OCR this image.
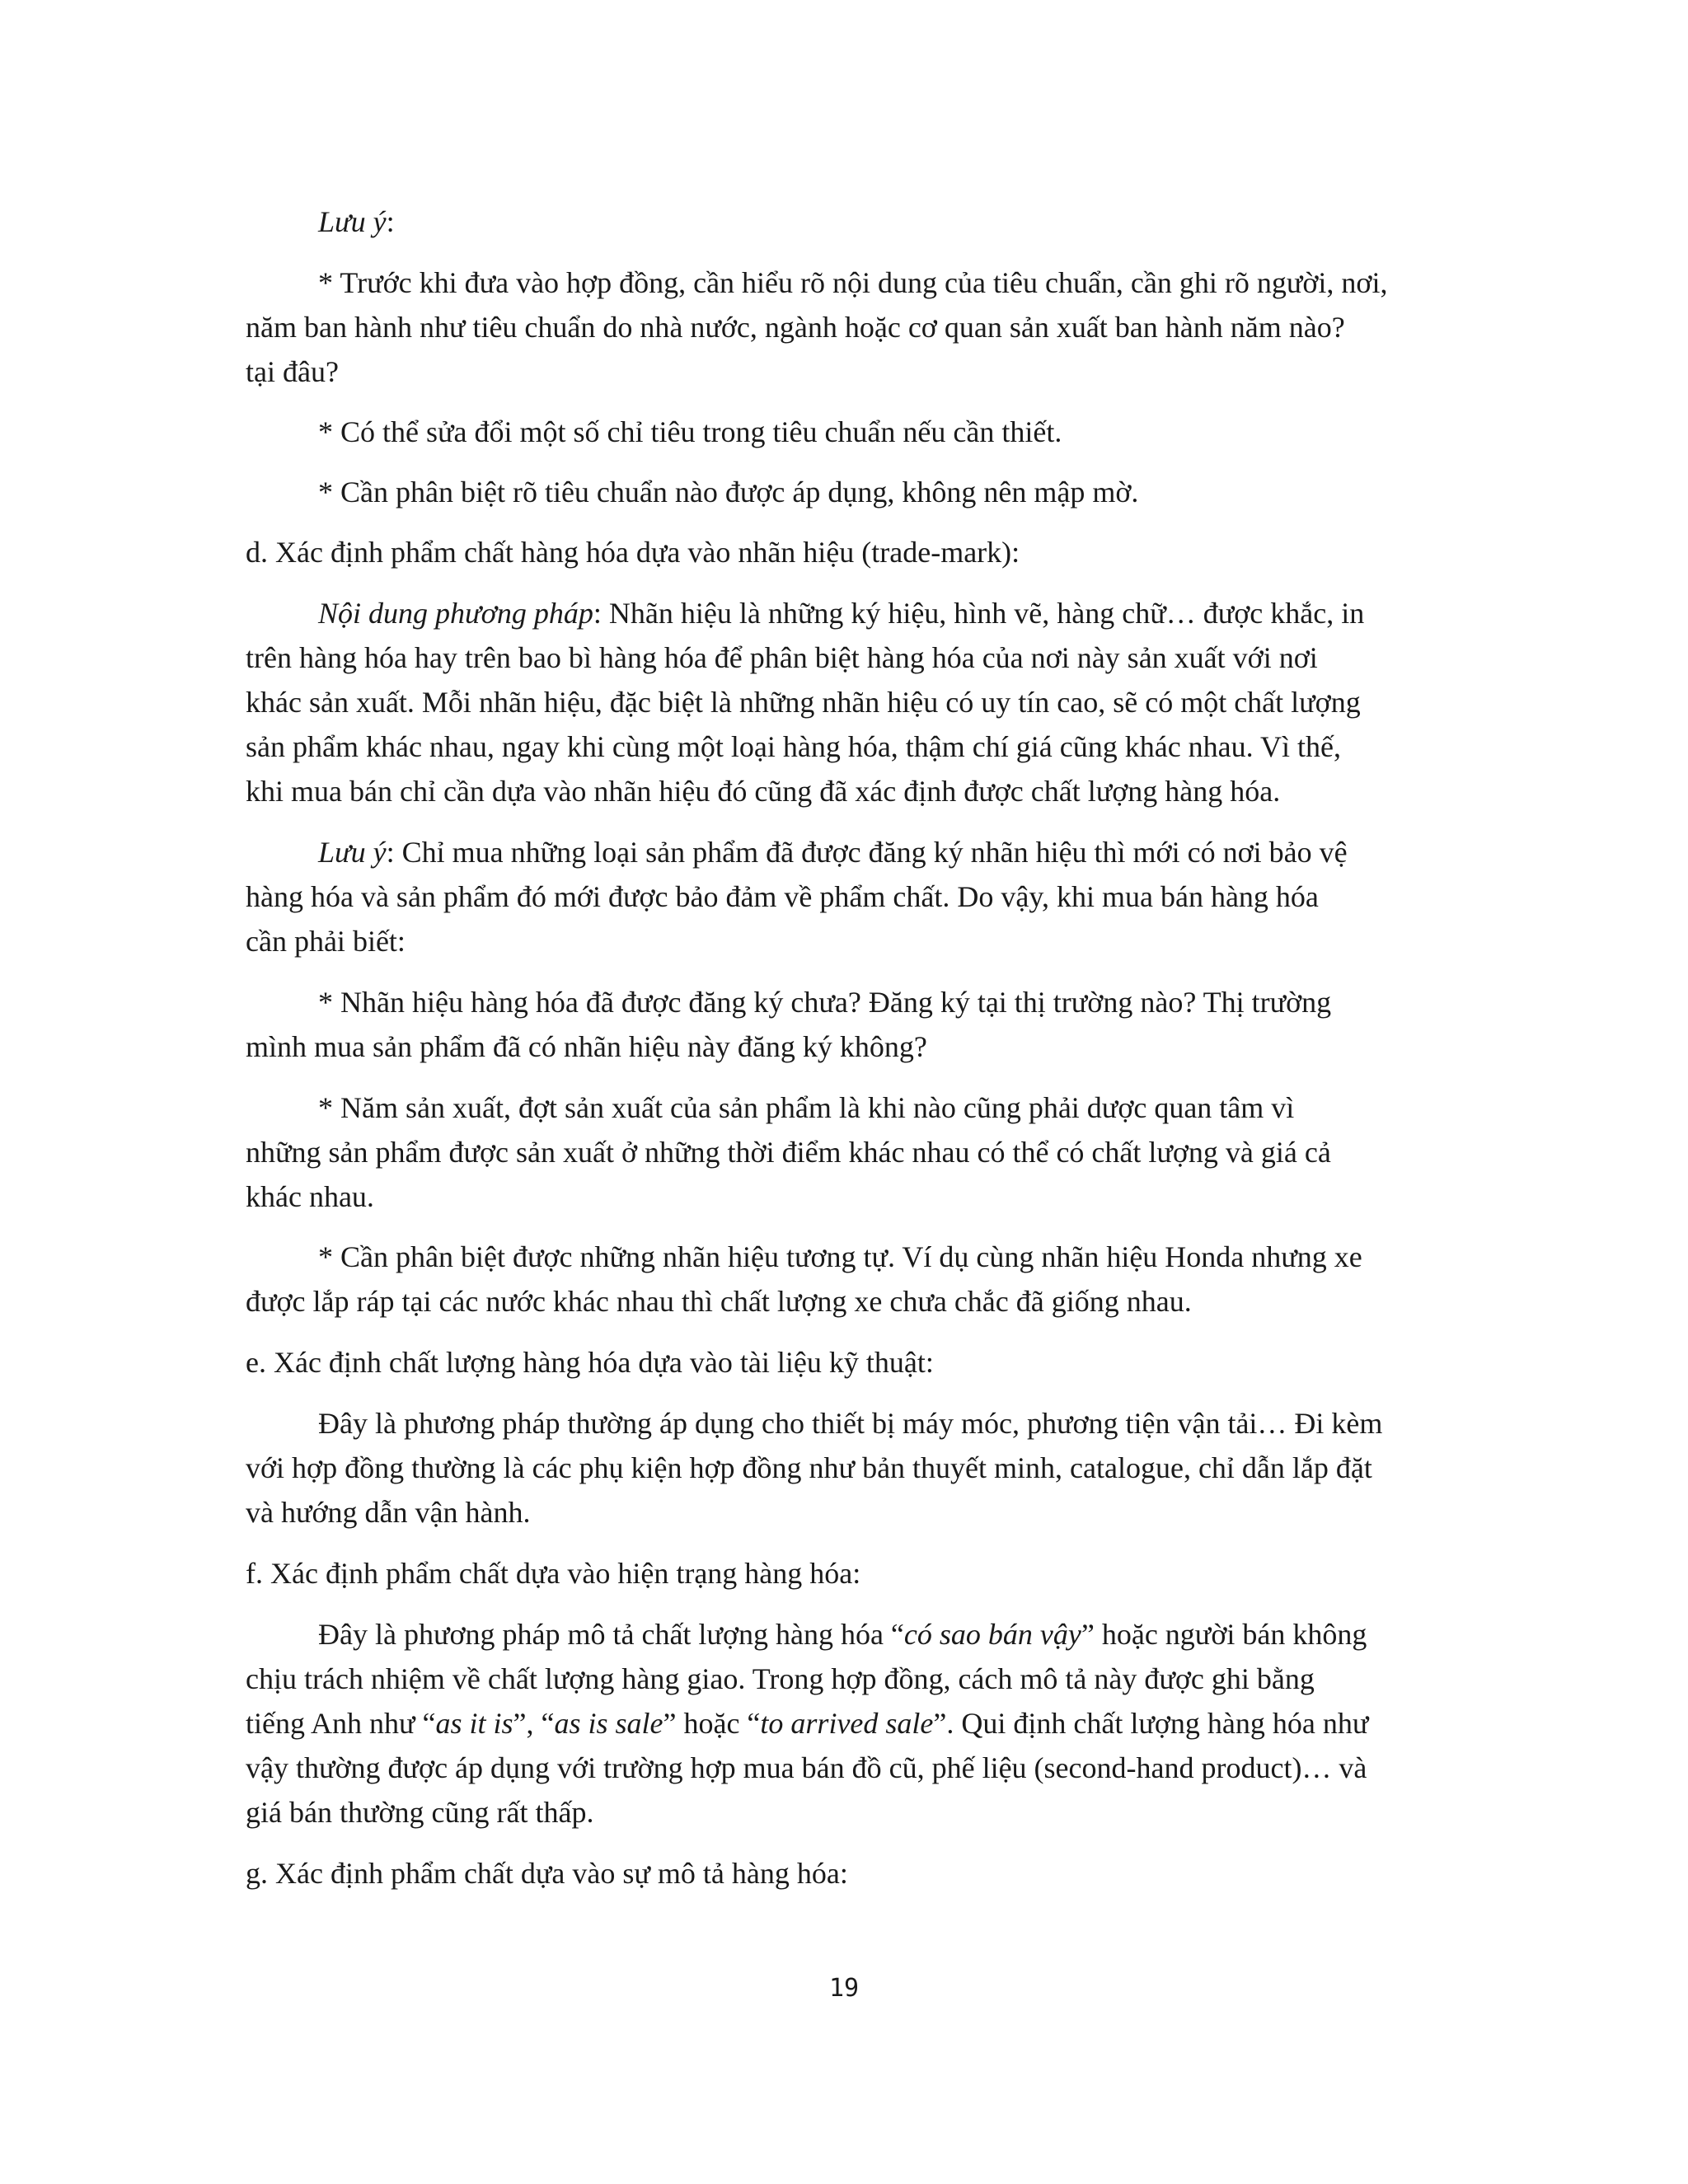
Lưu ý:
* Trước khi đưa vào hợp đồng, cần hiểu rõ nội dung của tiêu chuẩn, cần ghi rõ người, nơi,
năm ban hành như tiêu chuẩn do nhà nước, ngành hoặc cơ quan sản xuất ban hành năm nào?
tại đâu?
* Có thể sửa đổi một số chỉ tiêu trong tiêu chuẩn nếu cần thiết.
* Cần phân biệt rõ tiêu chuẩn nào được áp dụng, không nên mập mờ.
d. Xác định phẩm chất hàng hóa dựa vào nhãn hiệu (trade-mark):
Nội dung phương pháp: Nhãn hiệu là những ký hiệu, hình vẽ, hàng chữ… được khắc, in
trên hàng hóa hay trên bao bì hàng hóa để phân biệt hàng hóa của nơi này sản xuất với nơi
khác sản xuất. Mỗi nhãn hiệu, đặc biệt là những nhãn hiệu có uy tín cao, sẽ có một chất lượng
sản phẩm khác nhau, ngay khi cùng một loại hàng hóa, thậm chí giá cũng khác nhau. Vì thế,
khi mua bán chỉ cần dựa vào nhãn hiệu đó cũng đã xác định được chất lượng hàng hóa.
Lưu ý: Chỉ mua những loại sản phẩm đã được đăng ký nhãn hiệu thì mới có nơi bảo vệ
hàng hóa và sản phẩm đó mới được bảo đảm về phẩm chất. Do vậy, khi mua bán hàng hóa
cần phải biết:
* Nhãn hiệu hàng hóa đã được đăng ký chưa? Đăng ký tại thị trường nào? Thị trường
mình mua sản phẩm đã có nhãn hiệu này đăng ký không?
* Năm sản xuất, đợt sản xuất của sản phẩm là khi nào cũng phải dược quan tâm vì
những sản phẩm được sản xuất ở những thời điểm khác nhau có thể có chất lượng và giá cả
khác nhau.
* Cần phân biệt được những nhãn hiệu tương tự. Ví dụ cùng nhãn hiệu Honda nhưng xe
được lắp ráp tại các nước khác nhau thì chất lượng xe chưa chắc đã giống nhau.
e. Xác định chất lượng hàng hóa dựa vào tài liệu kỹ thuật:
Đây là phương pháp thường áp dụng cho thiết bị máy móc, phương tiện vận tải… Đi kèm
với hợp đồng thường là các phụ kiện hợp đồng như bản thuyết minh, catalogue, chỉ dẫn lắp đặt
và hướng dẫn vận hành.
f. Xác định phẩm chất dựa vào hiện trạng hàng hóa:
Đây là phương pháp mô tả chất lượng hàng hóa “có sao bán vậy” hoặc người bán không
chịu trách nhiệm về chất lượng hàng giao. Trong hợp đồng, cách mô tả này được ghi bằng
tiếng Anh như “as it is”, “as is sale” hoặc “to arrived sale”. Qui định chất lượng hàng hóa như
vậy thường được áp dụng với trường hợp mua bán đồ cũ, phế liệu (second-hand product)… và
giá bán thường cũng rất thấp.
g. Xác định phẩm chất dựa vào sự mô tả hàng hóa:
19
